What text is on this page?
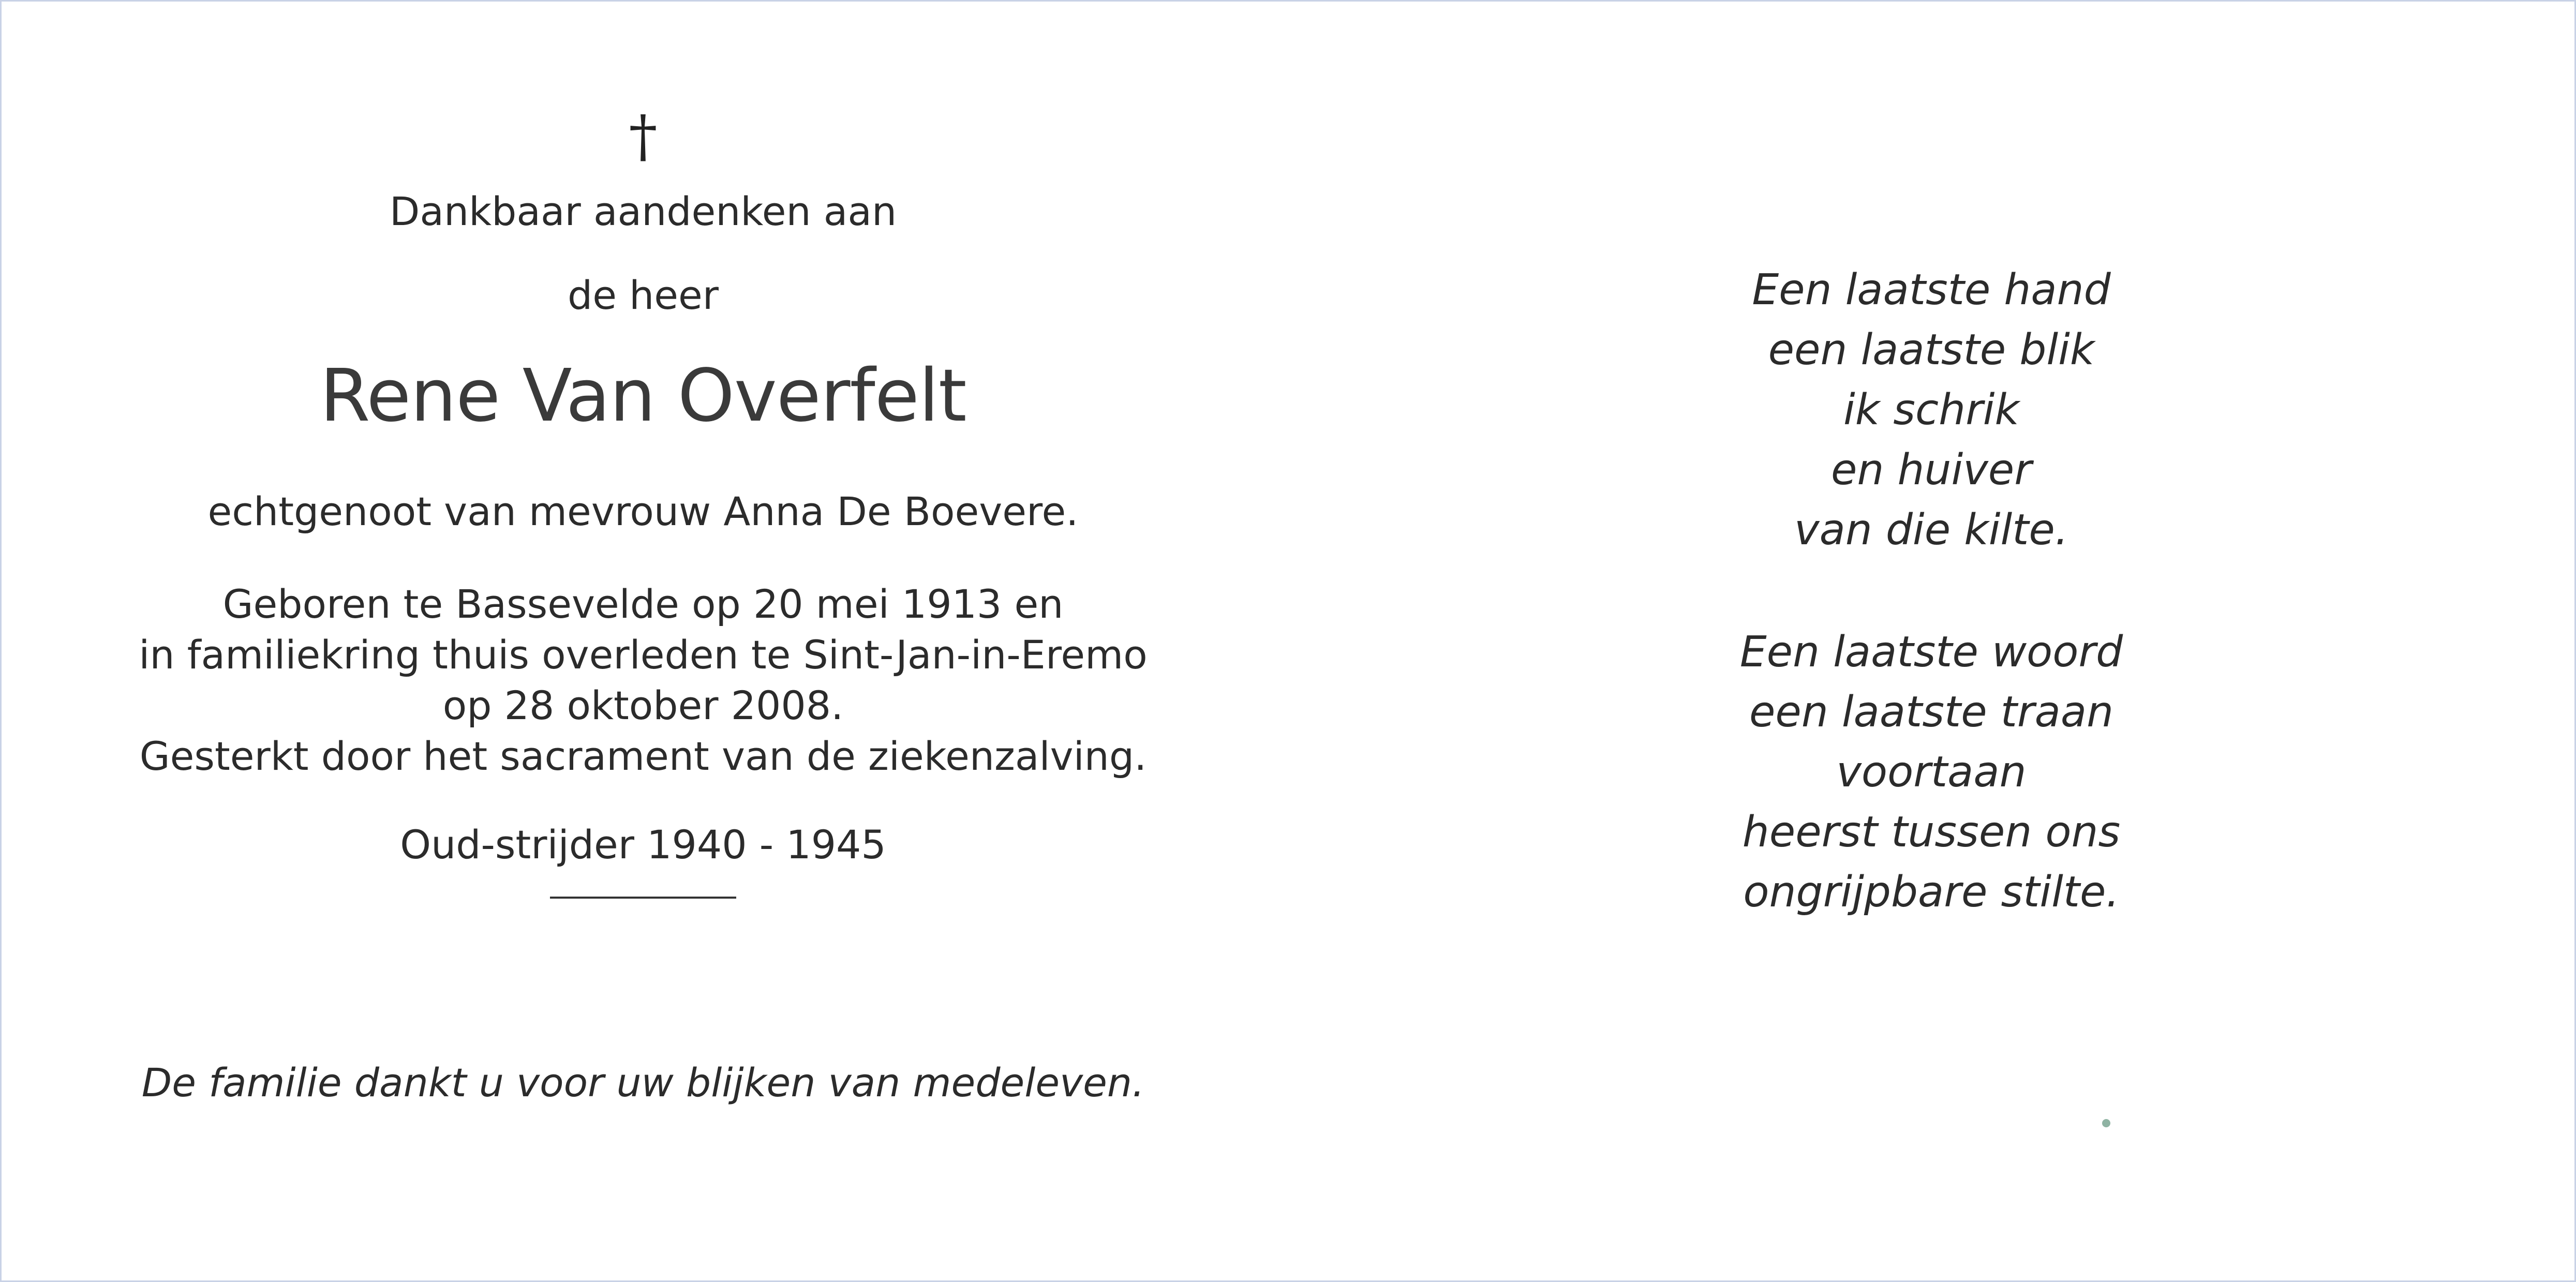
†
Dankbaar aandenken aan
de heer
Rene Van Overfelt
echtgenoot van mevrouw Anna De Boevere.
Geboren te Bassevelde op 20 mei 1913 en
in familiekring thuis overleden te Sint-Jan-in-Eremo
op 28 oktober 2008.
Gesterkt door het sacrament van de ziekenzalving.
Oud-strijder 1940 - 1945
De familie dankt u voor uw blijken van medeleven.
Een laatste hand
een laatste blik
ik schrik
en huiver
van die kilte.
Een laatste woord
een laatste traan
voortaan
heerst tussen ons
ongrijpbare stilte.
